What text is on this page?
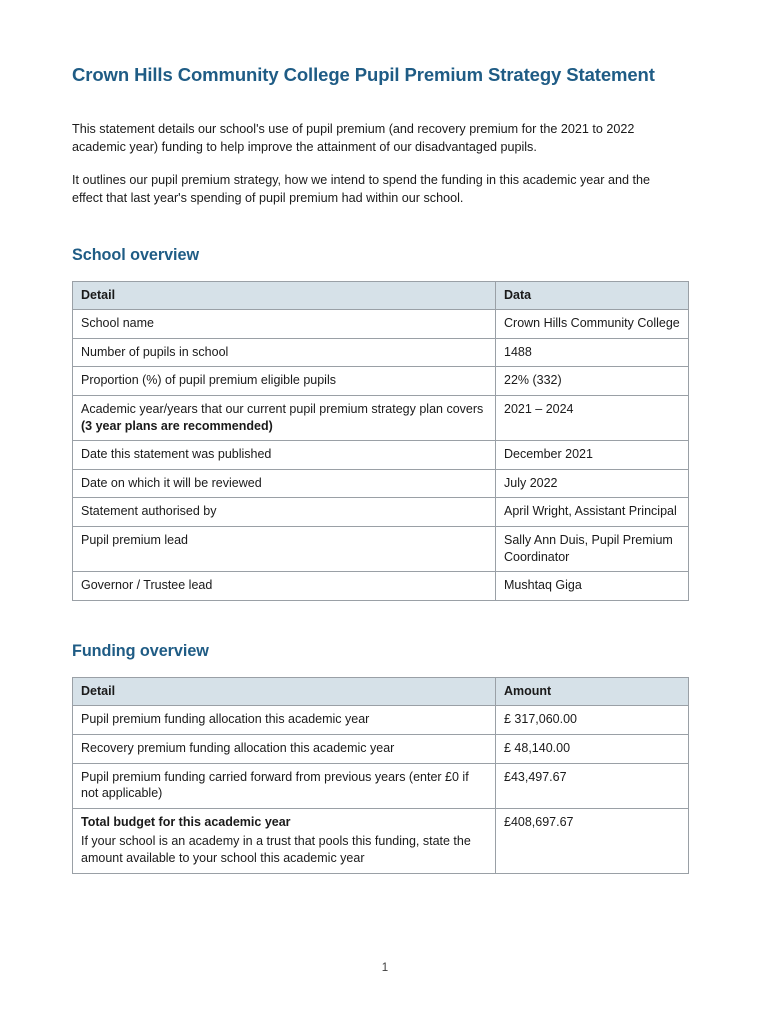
Crown Hills Community College Pupil Premium Strategy Statement

This statement details our school's use of pupil premium (and recovery premium for the 2021 to 2022 academic year) funding to help improve the attainment of our disadvantaged pupils.

It outlines our pupil premium strategy, how we intend to spend the funding in this academic year and the effect that last year's spending of pupil premium had within our school.

School overview
Detail	Data
School name	Crown Hills Community College
Number of pupils in school	1488
Proportion (%) of pupil premium eligible pupils	22% (332)
Academic year/years that our current pupil premium strategy plan covers (3 year plans are recommended)	2021 – 2024
Date this statement was published	December 2021
Date on which it will be reviewed	July 2022
Statement authorised by	April Wright, Assistant Principal
Pupil premium lead	Sally Ann Duis, Pupil Premium Coordinator
Governor / Trustee lead	Mushtaq Giga
Funding overview
Detail	Amount
Pupil premium funding allocation this academic year	£ 317,060.00
Recovery premium funding allocation this academic year	£ 48,140.00
Pupil premium funding carried forward from previous years (enter £0 if not applicable)	£43,497.67
Total budget for this academic year
If your school is an academy in a trust that pools this funding, state the amount available to your school this academic year	£408,697.67
1
